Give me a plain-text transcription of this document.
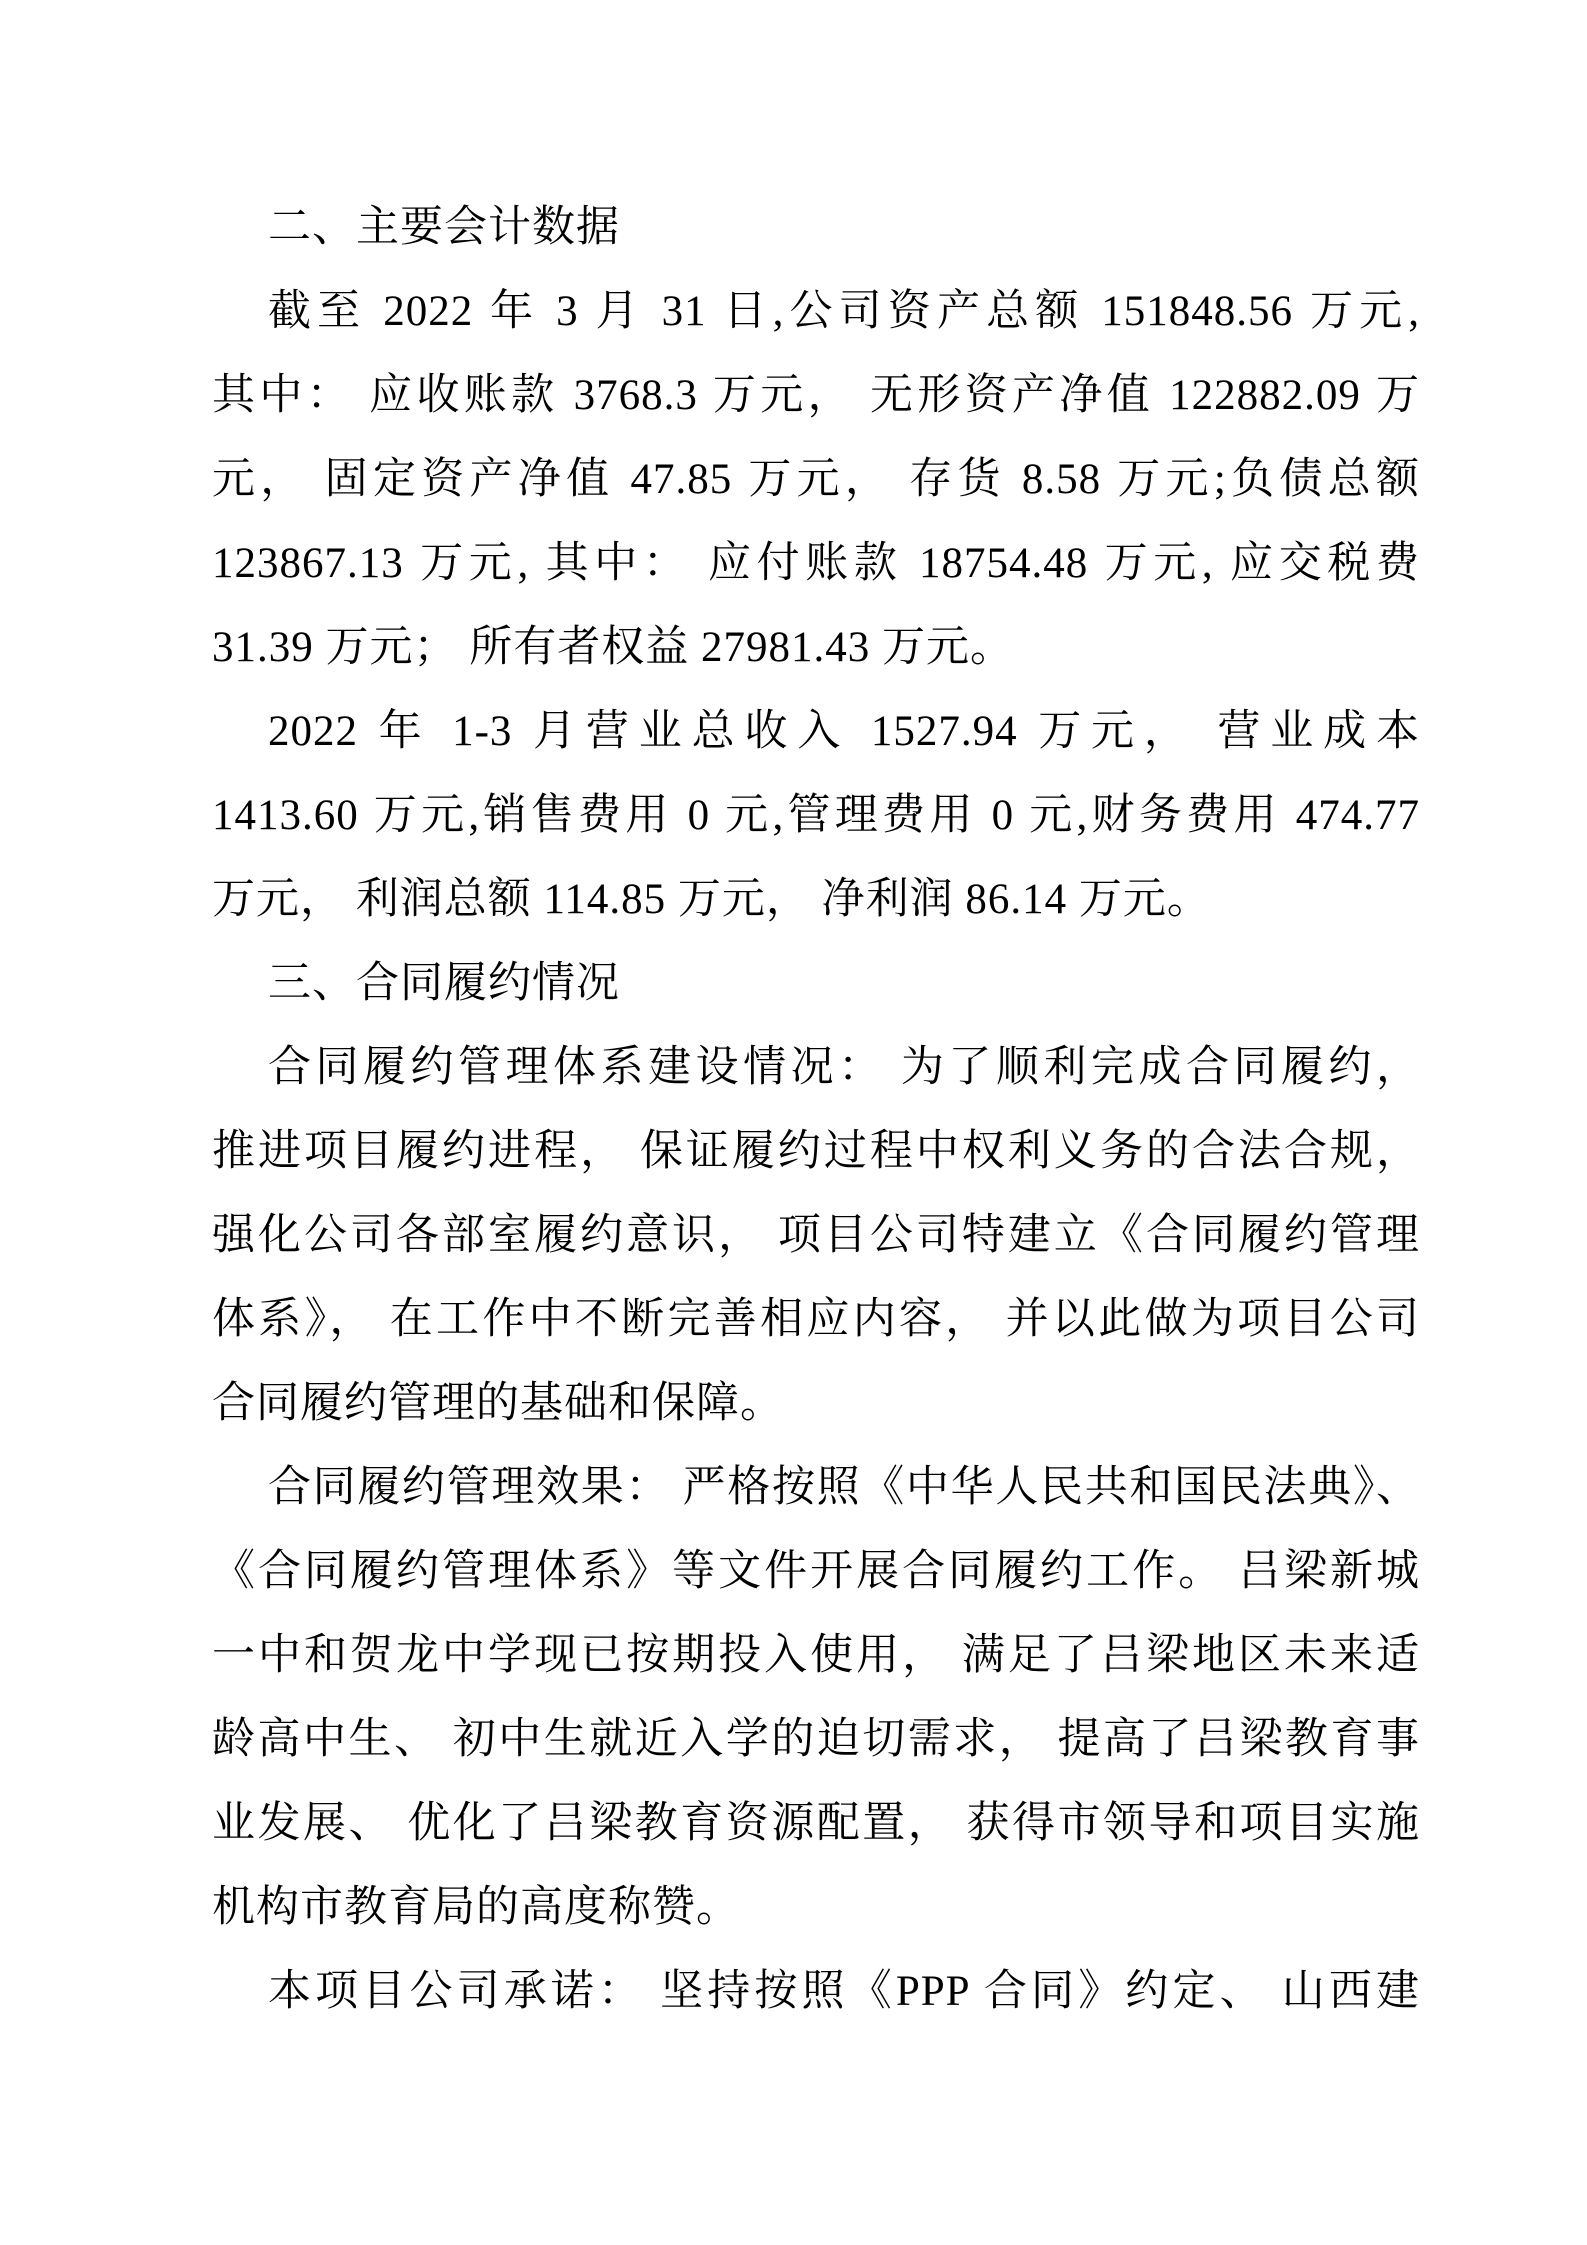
二、主要会计数据
截至 2022 年 3 月 31 日,公司资产总额 151848.56 万元,
其中： 应收账款 3768.3 万元， 无形资产净值 122882.09 万
元， 固定资产净值 47.85 万元， 存货 8.58 万元;负债总额
123867.13 万元, 其中： 应付账款 18754.48 万元, 应交税费
31.39 万元； 所有者权益 27981.43 万元。
2022 年 1-3 月营业总收入 1527.94 万元， 营业成本
1413.60 万元,销售费用 0 元,管理费用 0 元,财务费用 474.77
万元， 利润总额 114.85 万元， 净利润 86.14 万元。
三、合同履约情况
合同履约管理体系建设情况： 为了顺利完成合同履约，
推进项目履约进程， 保证履约过程中权利义务的合法合规，
强化公司各部室履约意识， 项目公司特建立《合同履约管理
体系》， 在工作中不断完善相应内容， 并以此做为项目公司
合同履约管理的基础和保障。
合同履约管理效果： 严格按照《中华人民共和国民法典》、
《合同履约管理体系》等文件开展合同履约工作。 吕梁新城
一中和贺龙中学现已按期投入使用， 满足了吕梁地区未来适
龄高中生、 初中生就近入学的迫切需求， 提高了吕梁教育事
业发展、 优化了吕梁教育资源配置， 获得市领导和项目实施
机构市教育局的高度称赞。
本项目公司承诺： 坚持按照《PPP 合同》约定、 山西建
